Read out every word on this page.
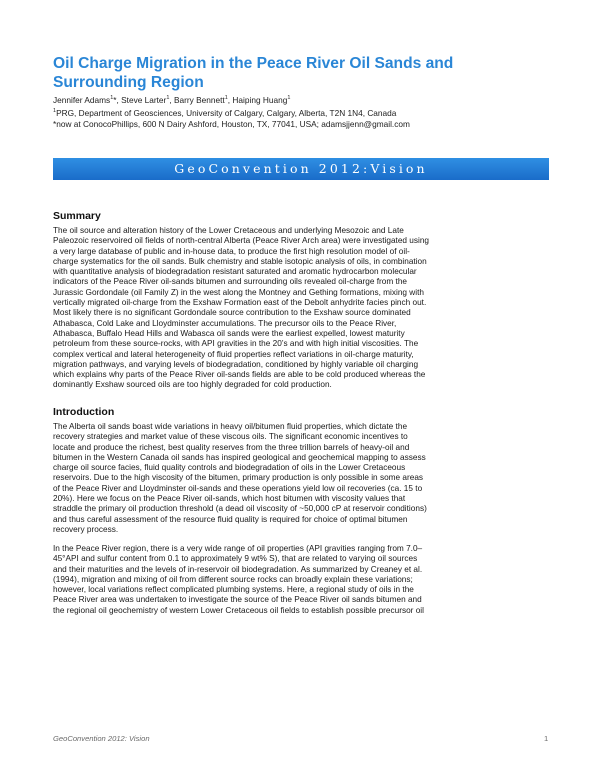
Oil Charge Migration in the Peace River Oil Sands and
Surrounding Region
Jennifer Adams$^1$*, Steve Larter$^1$, Barry Bennett$^1$, Haiping Huang$^1$
$^1$PRG, Department of Geosciences, University of Calgary, Calgary, Alberta, T2N 1N4, Canada
*now at ConocoPhillips, 600 N Dairy Ashford, Houston, TX, 77041, USA; adamsjjenn@gmail.com
GeoConvention 2012:Vision
Summary
The oil source and alteration history of the Lower Cretaceous and underlying Mesozoic and Late
Paleozoic reservoired oil fields of north-central Alberta (Peace River Arch area) were investigated using
a very large database of public and in-house data, to produce the first high resolution model of oil-
charge systematics for the oil sands. Bulk chemistry and stable isotopic analysis of oils, in combination
with quantitative analysis of biodegradation resistant saturated and aromatic hydrocarbon molecular
indicators of the Peace River oil-sands bitumen and surrounding oils revealed oil-charge from the
Jurassic Gordondale (oil Family Z) in the west along the Montney and Gething formations, mixing with
vertically migrated oil-charge from the Exshaw Formation east of the Debolt anhydrite facies pinch out.
Most likely there is no significant Gordondale source contribution to the Exshaw source dominated
Athabasca, Cold Lake and Lloydminster accumulations. The precursor oils to the Peace River,
Athabasca, Buffalo Head Hills and Wabasca oil sands were the earliest expelled, lowest maturity
petroleum from these source-rocks, with API gravities in the 20’s and with high initial viscosities. The
complex vertical and lateral heterogeneity of fluid properties reflect variations in oil-charge maturity,
migration pathways, and varying levels of biodegradation, conditioned by highly variable oil charging
which explains why parts of the Peace River oil-sands fields are able to be cold produced whereas the
dominantly Exshaw sourced oils are too highly degraded for cold production.
Introduction
The Alberta oil sands boast wide variations in heavy oil/bitumen fluid properties, which dictate the
recovery strategies and market value of these viscous oils. The significant economic incentives to
locate and produce the richest, best quality reserves from the three trillion barrels of heavy-oil and
bitumen in the Western Canada oil sands has inspired geological and geochemical mapping to assess
charge oil source facies, fluid quality controls and biodegradation of oils in the Lower Cretaceous
reservoirs. Due to the high viscosity of the bitumen, primary production is only possible in some areas
of the Peace River and Lloydminster oil-sands and these operations yield low oil recoveries (ca. 15 to
20%). Here we focus on the Peace River oil-sands, which host bitumen with viscosity values that
straddle the primary oil production threshold (a dead oil viscosity of ~50,000 cP at reservoir conditions)
and thus careful assessment of the resource fluid quality is required for choice of optimal bitumen
recovery process.
In the Peace River region, there is a very wide range of oil properties (API gravities ranging from 7.0–
45°API and sulfur content from 0.1 to approximately 9 wt% S), that are related to varying oil sources
and their maturities and the levels of in-reservoir oil biodegradation. As summarized by Creaney et al.
(1994), migration and mixing of oil from different source rocks can broadly explain these variations;
however, local variations reflect complicated plumbing systems. Here, a regional study of oils in the
Peace River area was undertaken to investigate the source of the Peace River oil sands bitumen and
the regional oil geochemistry of western Lower Cretaceous oil fields to establish possible precursor oil
GeoConvention 2012: Vision	1
